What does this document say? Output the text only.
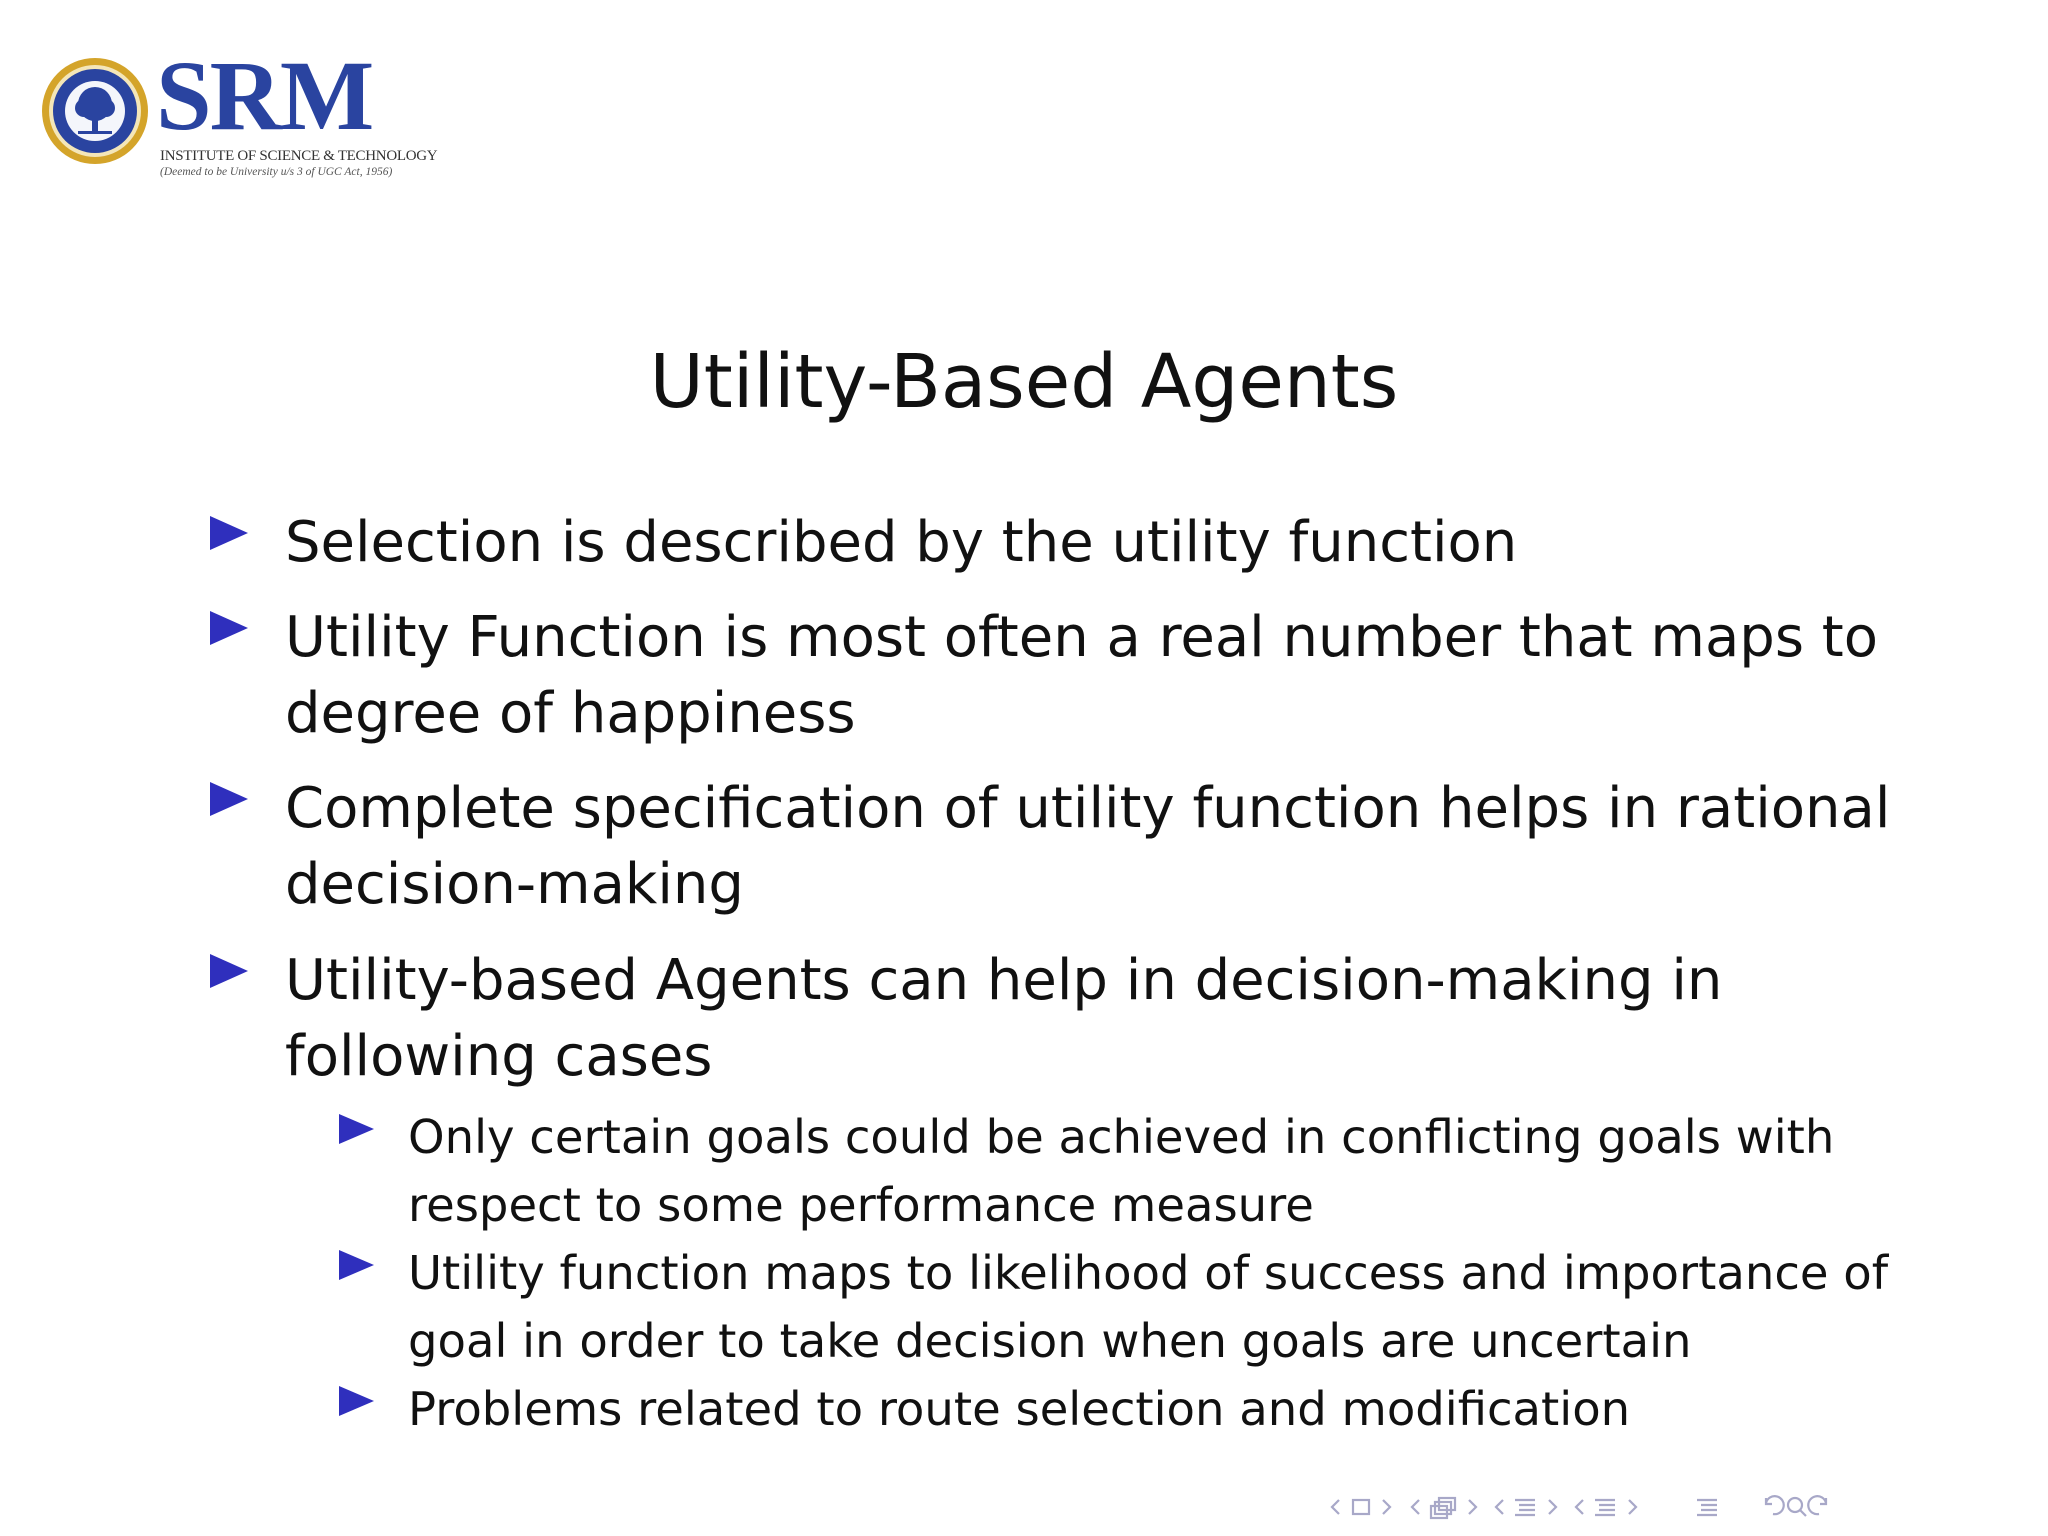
SRM
INSTITUTE OF SCIENCE & TECHNOLOGY
(Deemed to be University u/s 3 of UGC Act, 1956)
Utility-Based Agents
Selection is described by the utility function
Utility Function is most often a real number that maps to degree of happiness
Complete specification of utility function helps in rational decision-making
Utility-based Agents can help in decision-making in following cases
Only certain goals could be achieved in conflicting goals with respect to some performance measure
Utility function maps to likelihood of success and importance of goal in order to take decision when goals are uncertain
Problems related to route selection and modification
